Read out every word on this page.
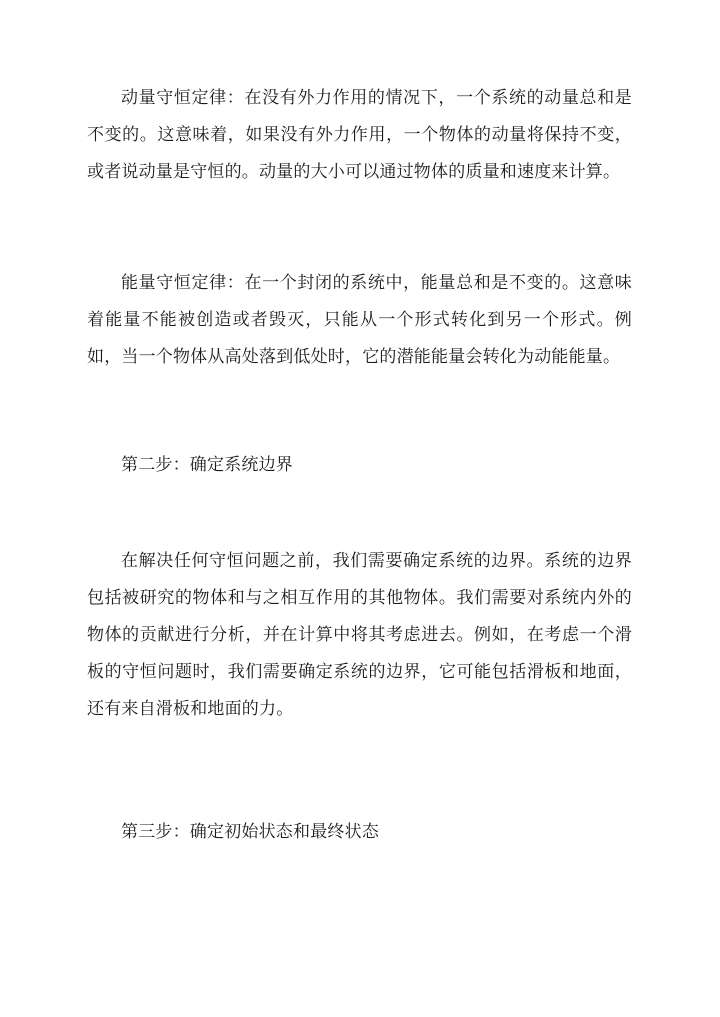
动量守恒定律：在没有外力作用的情况下，一个系统的动量总和是不变的。这意味着，如果没有外力作用，一个物体的动量将保持不变，或者说动量是守恒的。动量的大小可以通过物体的质量和速度来计算。

能量守恒定律：在一个封闭的系统中，能量总和是不变的。这意味着能量不能被创造或者毁灭，只能从一个形式转化到另一个形式。例如，当一个物体从高处落到低处时，它的潜能能量会转化为动能能量。

第二步：确定系统边界

在解决任何守恒问题之前，我们需要确定系统的边界。系统的边界包括被研究的物体和与之相互作用的其他物体。我们需要对系统内外的物体的贡献进行分析，并在计算中将其考虑进去。例如，在考虑一个滑板的守恒问题时，我们需要确定系统的边界，它可能包括滑板和地面，还有来自滑板和地面的力。

第三步：确定初始状态和最终状态
